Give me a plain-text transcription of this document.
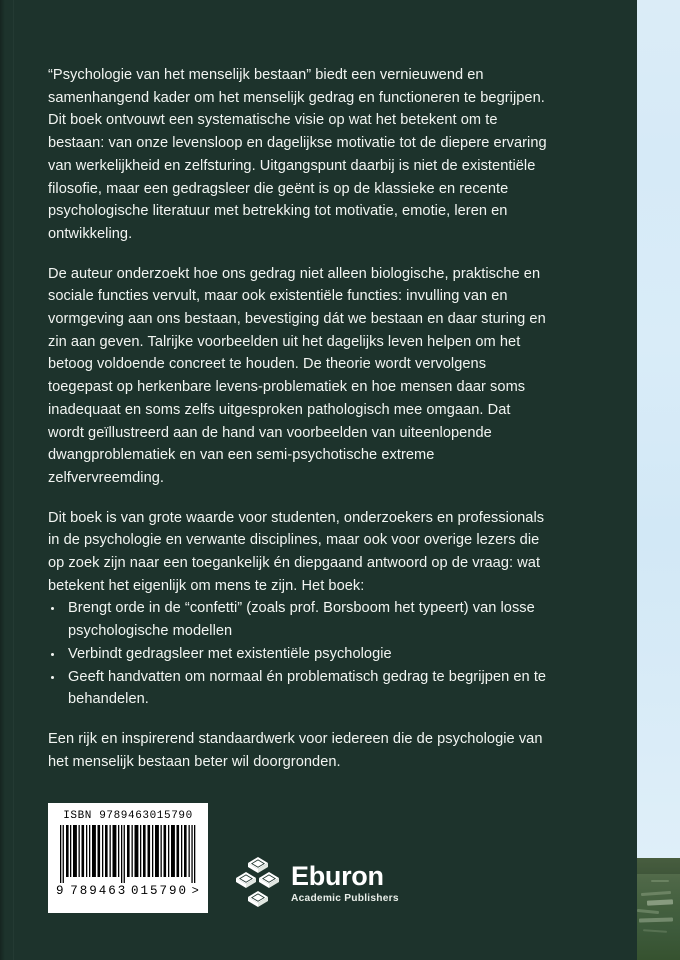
“Psychologie van het menselijk bestaan” biedt een vernieuwend en samenhangend kader om het menselijk gedrag en functioneren te begrijpen. Dit boek ontvouwt een systematische visie op wat het betekent om te bestaan: van onze levensloop en dagelijkse motivatie tot de diepere ervaring van werkelijkheid en zelfsturing. Uitgangspunt daarbij is niet de existentiële filosofie, maar een gedragsleer die geënt is op de klassieke en recente psychologische literatuur met betrekking tot motivatie, emotie, leren en ontwikkeling.

De auteur onderzoekt hoe ons gedrag niet alleen biologische, praktische en sociale functies vervult, maar ook existentiële functies: invulling van en vormgeving aan ons bestaan, bevestiging dát we bestaan en daar sturing en zin aan geven. Talrijke voorbeelden uit het dagelijks leven helpen om het betoog voldoende concreet te houden. De theorie wordt vervolgens toegepast op herkenbare levens-problematiek en hoe mensen daar soms inadequaat en soms zelfs uitgesproken pathologisch mee omgaan. Dat wordt geïllustreerd aan de hand van voorbeelden van uiteenlopende dwangproblematiek en van een semi-psychotische extreme zelfvervreemding.

Dit boek is van grote waarde voor studenten, onderzoekers en professionals in de psychologie en verwante disciplines, maar ook voor overige lezers die op zoek zijn naar een toegankelijk én diepgaand antwoord op de vraag: wat betekent het eigenlijk om mens te zijn. Het boek:

Brengt orde in de “confetti” (zoals prof. Borsboom het typeert) van losse psychologische modellen
Verbindt gedragsleer met existentiële psychologie
Geeft handvatten om normaal én problematisch gedrag te begrijpen en te behandelen.

Een rijk en inspirerend standaardwerk voor iedereen die de psychologie van het menselijk bestaan beter wil doorgronden.

ISBN 9789463015790
9 789463 015790 >	Eburon
Academic Publishers
